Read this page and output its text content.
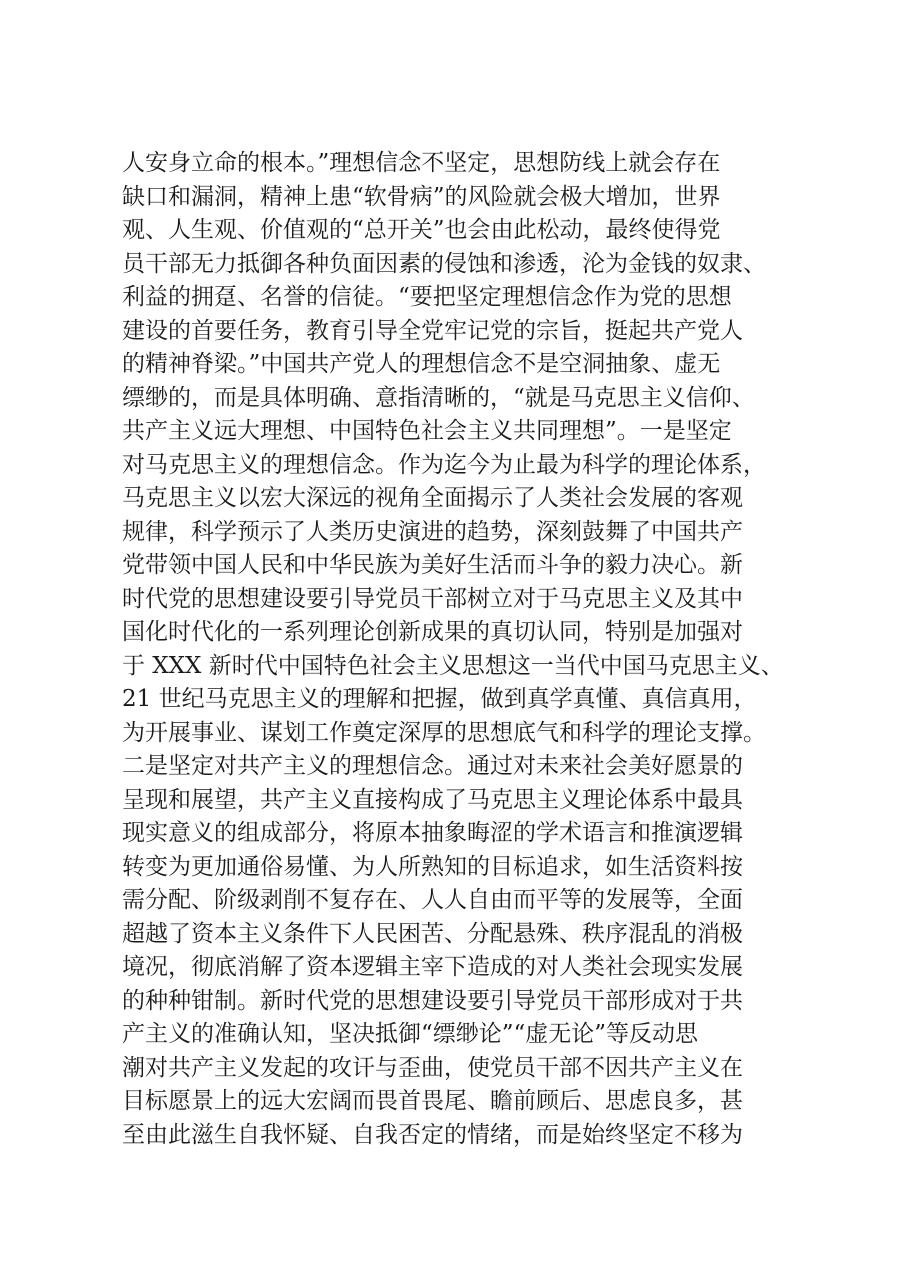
人安身立命的根本。”理想信念不坚定，思想防线上就会存在
缺口和漏洞，精神上患“软骨病”的风险就会极大增加，世界
观、人生观、价值观的“总开关”也会由此松动，最终使得党
员干部无力抵御各种负面因素的侵蚀和渗透，沦为金钱的奴隶、
利益的拥趸、名誉的信徒。“要把坚定理想信念作为党的思想
建设的首要任务，教育引导全党牢记党的宗旨，挺起共产党人
的精神脊梁。”中国共产党人的理想信念不是空洞抽象、虚无
缥缈的，而是具体明确、意指清晰的，“就是马克思主义信仰、
共产主义远大理想、中国特色社会主义共同理想”。一是坚定
对马克思主义的理想信念。作为迄今为止最为科学的理论体系，
马克思主义以宏大深远的视角全面揭示了人类社会发展的客观
规律，科学预示了人类历史演进的趋势，深刻鼓舞了中国共产
党带领中国人民和中华民族为美好生活而斗争的毅力决心。新
时代党的思想建设要引导党员干部树立对于马克思主义及其中
国化时代化的一系列理论创新成果的真切认同，特别是加强对
于 XXX 新时代中国特色社会主义思想这一当代中国马克思主义、
21 世纪马克思主义的理解和把握，做到真学真懂、真信真用，
为开展事业、谋划工作奠定深厚的思想底气和科学的理论支撑。
二是坚定对共产主义的理想信念。通过对未来社会美好愿景的
呈现和展望，共产主义直接构成了马克思主义理论体系中最具
现实意义的组成部分，将原本抽象晦涩的学术语言和推演逻辑
转变为更加通俗易懂、为人所熟知的目标追求，如生活资料按
需分配、阶级剥削不复存在、人人自由而平等的发展等，全面
超越了资本主义条件下人民困苦、分配悬殊、秩序混乱的消极
境况，彻底消解了资本逻辑主宰下造成的对人类社会现实发展
的种种钳制。新时代党的思想建设要引导党员干部形成对于共
产主义的准确认知，坚决抵御“缥缈论”“虚无论”等反动思
潮对共产主义发起的攻讦与歪曲，使党员干部不因共产主义在
目标愿景上的远大宏阔而畏首畏尾、瞻前顾后、思虑良多，甚
至由此滋生自我怀疑、自我否定的情绪，而是始终坚定不移为
